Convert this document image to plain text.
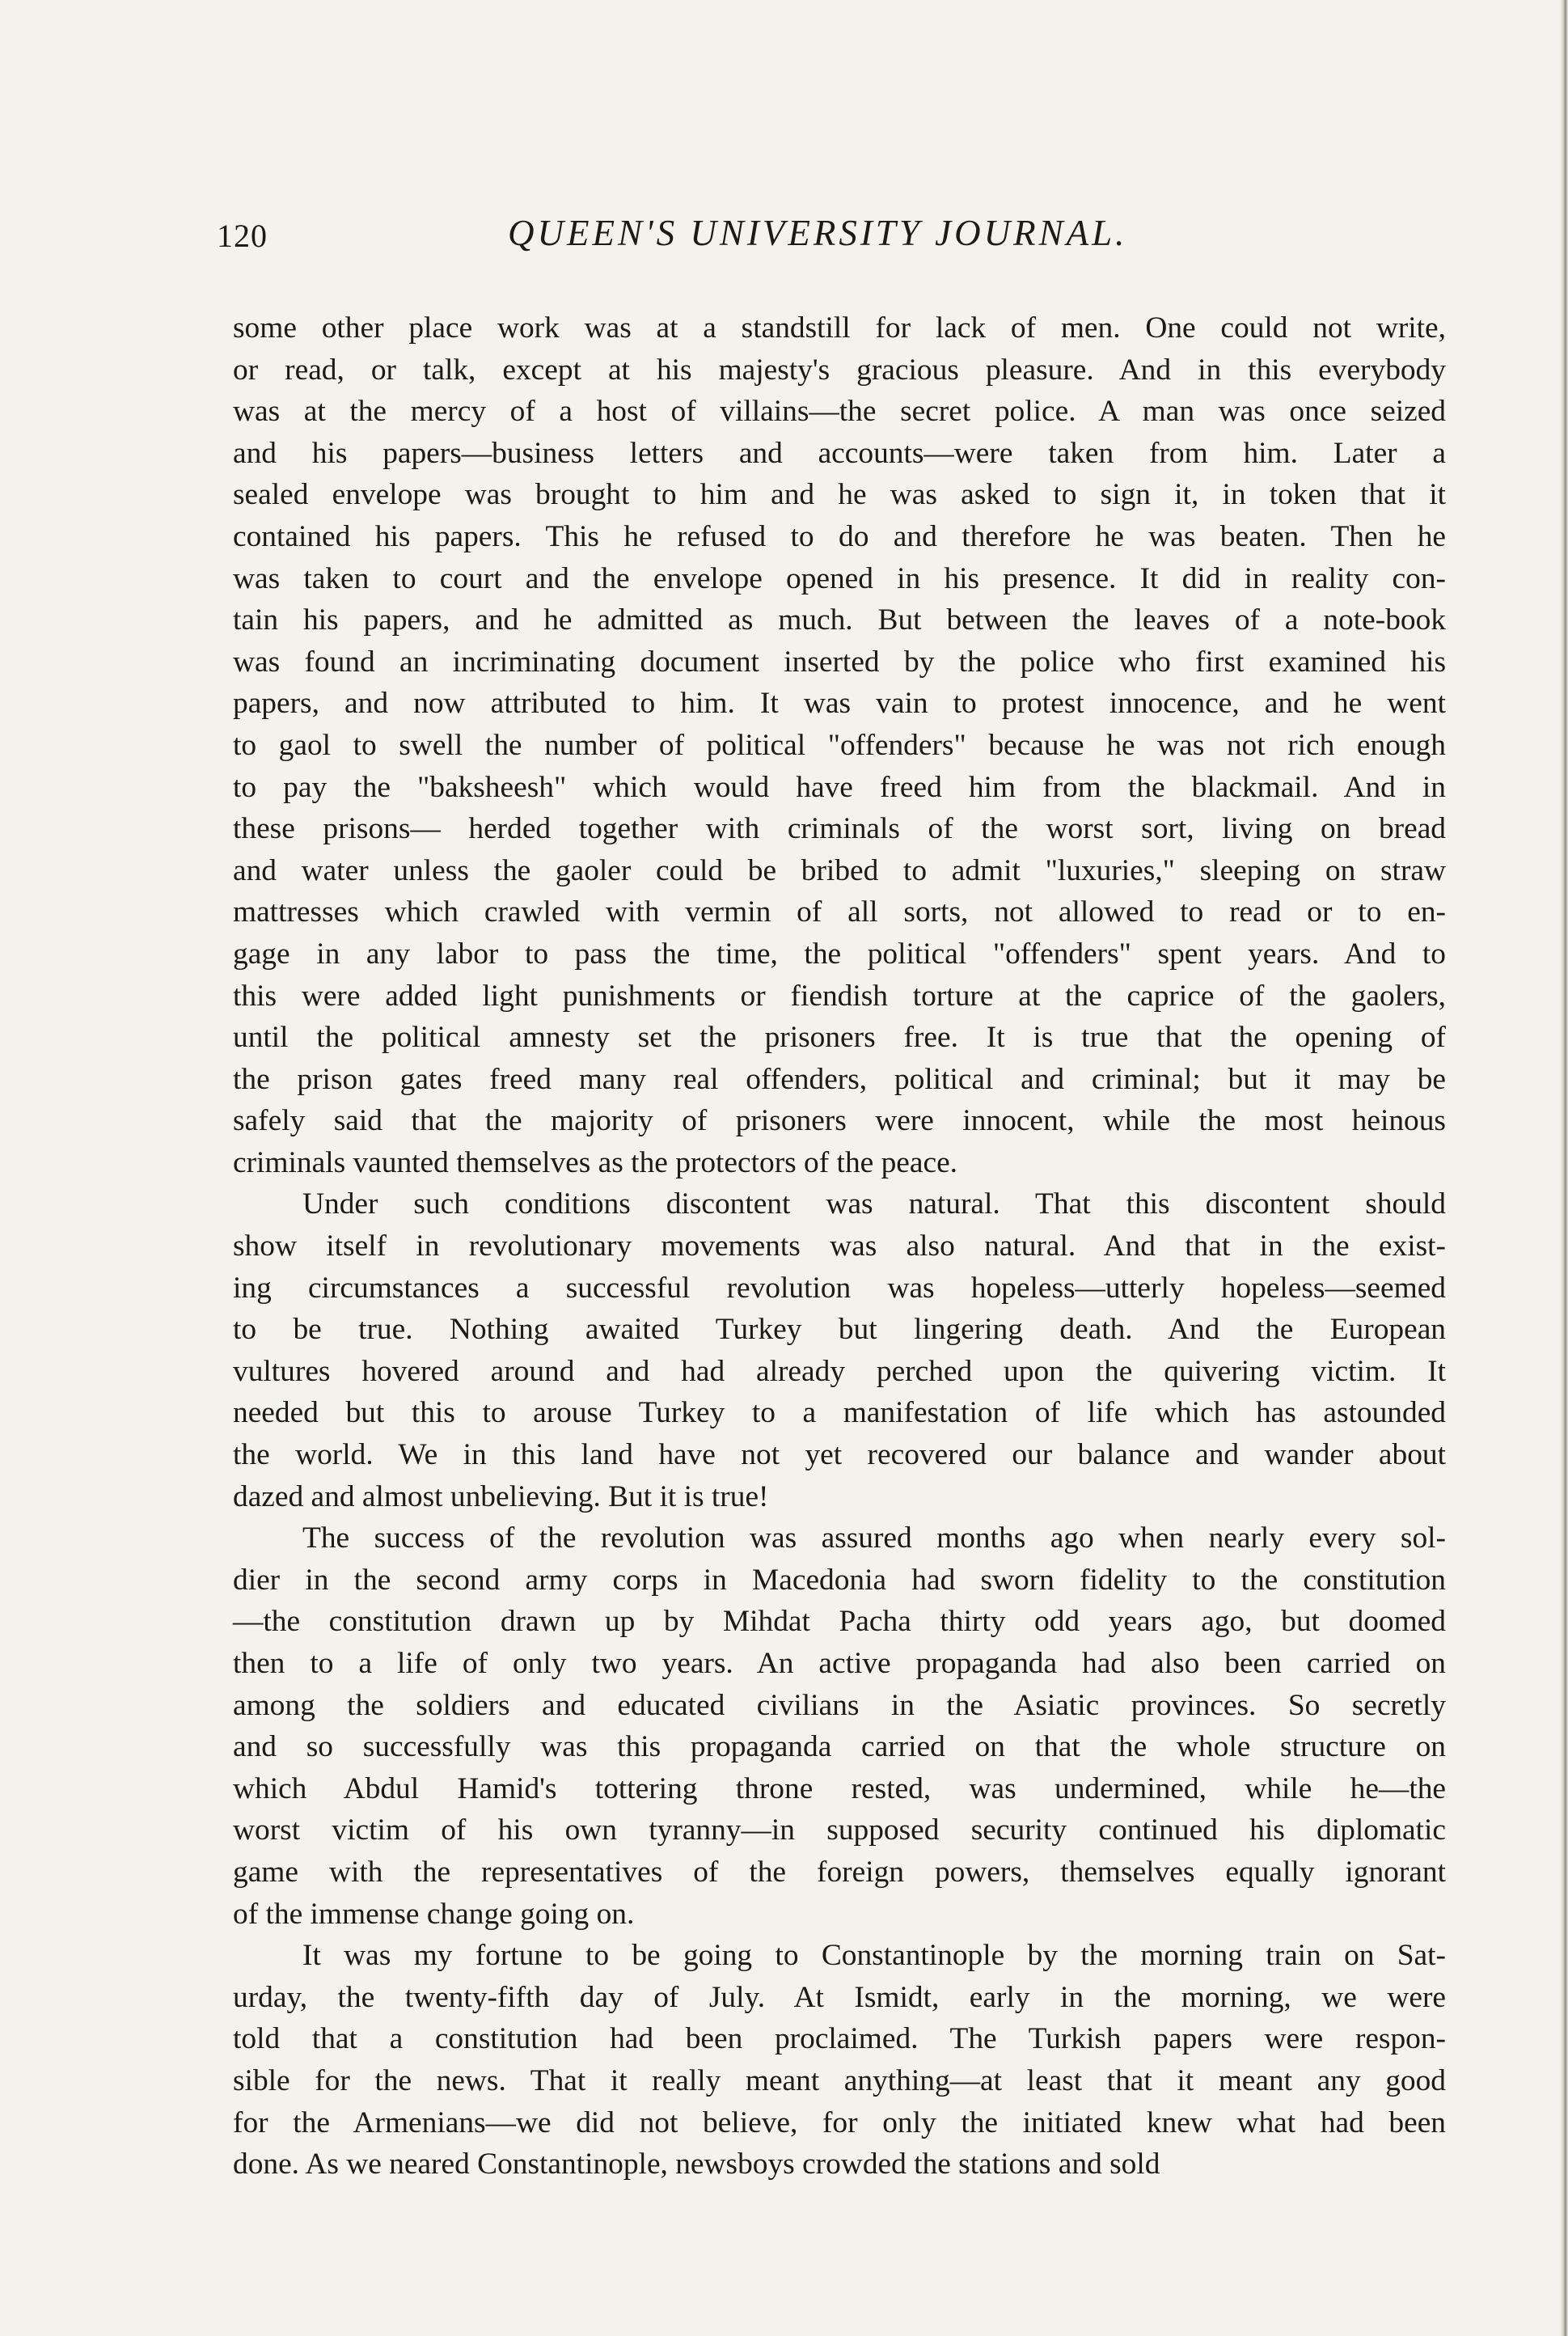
120	QUEEN'S UNIVERSITY JOURNAL.
some other place work was at a standstill for lack of men. One could not write,
or read, or talk, except at his majesty's gracious pleasure. And in this everybody
was at the mercy of a host of villains—the secret police. A man was once seized
and his papers—business letters and accounts—were taken from him. Later a
sealed envelope was brought to him and he was asked to sign it, in token that it
contained his papers. This he refused to do and therefore he was beaten. Then he
was taken to court and the envelope opened in his presence. It did in reality con-
tain his papers, and he admitted as much. But between the leaves of a note-book
was found an incriminating document inserted by the police who first examined his
papers, and now attributed to him. It was vain to protest innocence, and he went
to gaol to swell the number of political "offenders" because he was not rich enough
to pay the "baksheesh" which would have freed him from the blackmail. And in
these prisons— herded together with criminals of the worst sort, living on bread
and water unless the gaoler could be bribed to admit "luxuries," sleeping on straw
mattresses which crawled with vermin of all sorts, not allowed to read or to en-
gage in any labor to pass the time, the political "offenders" spent years. And to
this were added light punishments or fiendish torture at the caprice of the gaolers,
until the political amnesty set the prisoners free. It is true that the opening of
the prison gates freed many real offenders, political and criminal; but it may be
safely said that the majority of prisoners were innocent, while the most heinous
criminals vaunted themselves as the protectors of the peace.
Under such conditions discontent was natural. That this discontent should
show itself in revolutionary movements was also natural. And that in the exist-
ing circumstances a successful revolution was hopeless—utterly hopeless—seemed
to be true. Nothing awaited Turkey but lingering death. And the European
vultures hovered around and had already perched upon the quivering victim. It
needed but this to arouse Turkey to a manifestation of life which has astounded
the world. We in this land have not yet recovered our balance and wander about
dazed and almost unbelieving. But it is true!
The success of the revolution was assured months ago when nearly every sol-
dier in the second army corps in Macedonia had sworn fidelity to the constitution
—the constitution drawn up by Mihdat Pacha thirty odd years ago, but doomed
then to a life of only two years. An active propaganda had also been carried on
among the soldiers and educated civilians in the Asiatic provinces. So secretly
and so successfully was this propaganda carried on that the whole structure on
which Abdul Hamid's tottering throne rested, was undermined, while he—the
worst victim of his own tyranny—in supposed security continued his diplomatic
game with the representatives of the foreign powers, themselves equally ignorant
of the immense change going on.
It was my fortune to be going to Constantinople by the morning train on Sat-
urday, the twenty-fifth day of July. At Ismidt, early in the morning, we were
told that a constitution had been proclaimed. The Turkish papers were respon-
sible for the news. That it really meant anything—at least that it meant any good
for the Armenians—we did not believe, for only the initiated knew what had been
done. As we neared Constantinople, newsboys crowded the stations and sold
